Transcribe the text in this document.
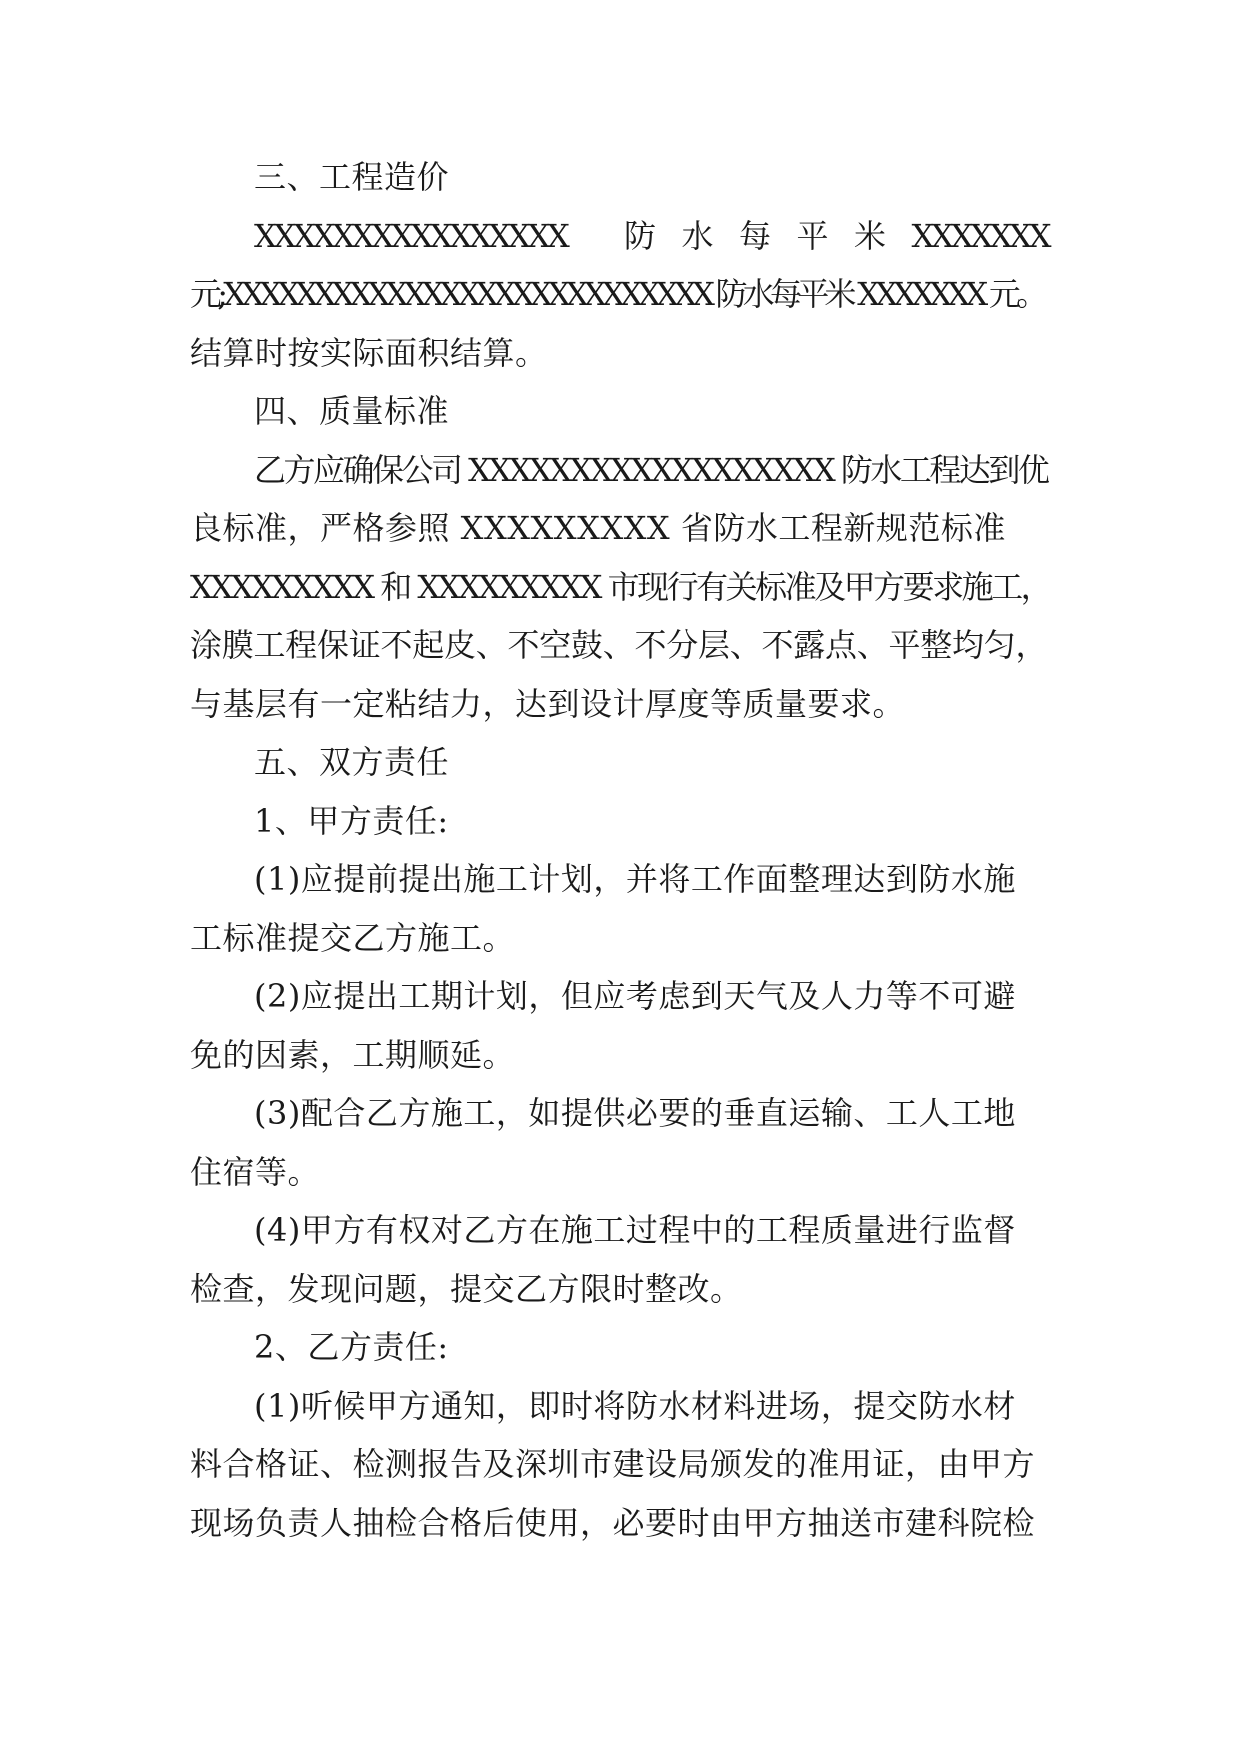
三、工程造价
XXXXXXXXXXXXXXXX　　防　水　每　平　米　XXXXXXX
元;XXXXXXXXXXXXXXXXXXXXXXXXXXX 防水每平米 XXXXXXX 元。
结算时按实际面积结算。
四、质量标准
乙方应确保公司 XXXXXXXXXXXXXXXXXX 防水工程达到优
良标准，严格参照 XXXXXXXXX 省防水工程新规范标准
XXXXXXXXX 和 XXXXXXXXX 市现行有关标准及甲方要求施工，
涂膜工程保证不起皮、不空鼓、不分层、不露点、平整均匀，
与基层有一定粘结力，达到设计厚度等质量要求。
五、双方责任
1、甲方责任:
(1)应提前提出施工计划，并将工作面整理达到防水施
工标准提交乙方施工。
(2)应提出工期计划，但应考虑到天气及人力等不可避
免的因素，工期顺延。
(3)配合乙方施工，如提供必要的垂直运输、工人工地
住宿等。
(4)甲方有权对乙方在施工过程中的工程质量进行监督
检查，发现问题，提交乙方限时整改。
2、乙方责任:
(1)听候甲方通知，即时将防水材料进场，提交防水材
料合格证、检测报告及深圳市建设局颁发的准用证，由甲方
现场负责人抽检合格后使用，必要时由甲方抽送市建科院检
